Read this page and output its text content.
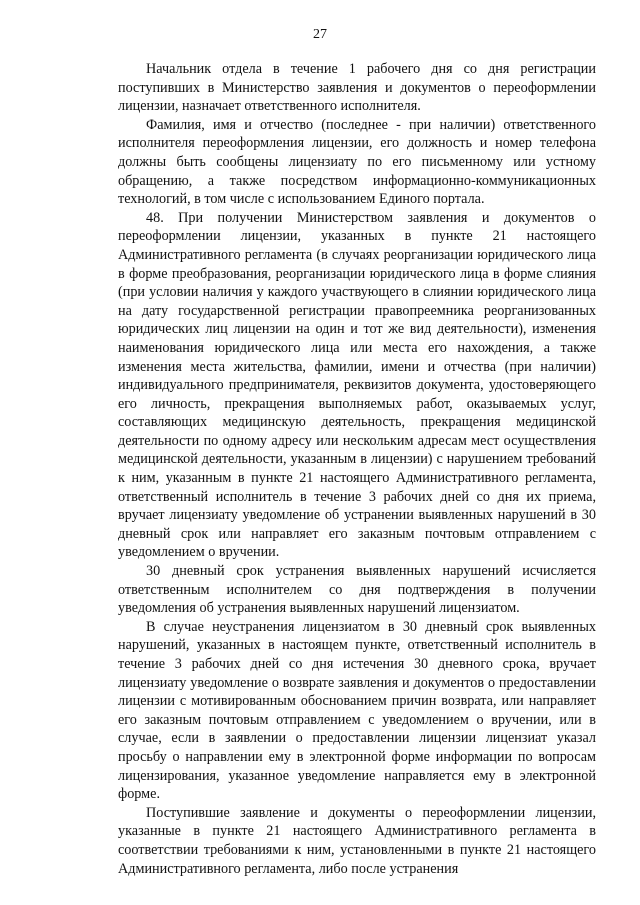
27

Начальник отдела в течение 1 рабочего дня со дня регистрации поступивших в Министерство заявления и документов о переоформлении лицензии, назначает ответственного исполнителя.

Фамилия, имя и отчество (последнее - при наличии) ответственного исполнителя переоформления лицензии, его должность и номер телефона должны быть сообщены лицензиату по его письменному или устному обращению, а также посредством информационно-коммуникационных технологий, в том числе с использованием Единого портала.

48. При получении Министерством заявления и документов о переоформлении лицензии, указанных в пункте 21 настоящего Административного регламента (в случаях реорганизации юридического лица в форме преобразования, реорганизации юридического лица в форме слияния (при условии наличия у каждого участвующего в слиянии юридического лица на дату государственной регистрации правопреемника реорганизованных юридических лиц лицензии на один и тот же вид деятельности), изменения наименования юридического лица или места его нахождения, а также изменения места жительства, фамилии, имени и отчества (при наличии) индивидуального предпринимателя, реквизитов документа, удостоверяющего его личность, прекращения выполняемых работ, оказываемых услуг, составляющих медицинскую деятельность, прекращения медицинской деятельности по одному адресу или нескольким адресам мест осуществления медицинской деятельности, указанным в лицензии) с нарушением требований к ним, указанным в пункте 21 настоящего Административного регламента, ответственный исполнитель в течение 3 рабочих дней со дня их приема, вручает лицензиату уведомление об устранении выявленных нарушений в 30 дневный срок или направляет его заказным почтовым отправлением с уведомлением о вручении.

30 дневный срок устранения выявленных нарушений исчисляется ответственным исполнителем со дня подтверждения в получении уведомления об устранения выявленных нарушений лицензиатом.

В случае неустранения лицензиатом в 30 дневный срок выявленных нарушений, указанных в настоящем пункте, ответственный исполнитель в течение 3 рабочих дней со дня истечения 30 дневного срока, вручает лицензиату уведомление о возврате заявления и документов о предоставлении лицензии с мотивированным обоснованием причин возврата, или направляет его заказным почтовым отправлением с уведомлением о вручении, или в случае, если в заявлении о предоставлении лицензии лицензиат указал просьбу о направлении ему в электронной форме информации по вопросам лицензирования, указанное уведомление направляется ему в электронной форме.

Поступившие заявление и документы о переоформлении лицензии, указанные в пункте 21 настоящего Административного регламента в соответствии требованиями к ним, установленными в пункте 21 настоящего Административного регламента, либо после устранения
